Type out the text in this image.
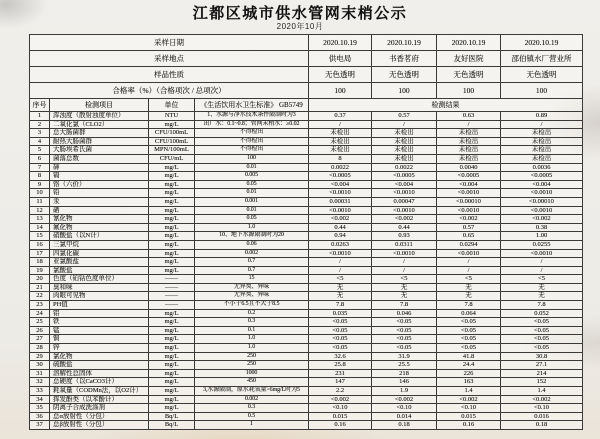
江都区城市供水管网末梢公示
2020年10月
采样日期				2020.10.19	2020.10.19	2020.10.19	2020.10.19
采样地点				供电局	书香茗府	友好医院	邵伯镇水厂营业所
样品性质				无色透明	无色透明	无色透明	无色透明
合格率（%）（合格项次 / 总项次）				100	100	100	100
序号	检测项目	单位	《生活饮用水卫生标准》 GB5749	检测结果			
1	浑浊度（散射浊度单位）	NTU	1、水源与净水技术条件限制时为3	0.37	0.57	0.63	0.89
2	二氧化氯（CLO2）	mg/L	出厂水：0.1~0.8；管网末梢水：≥0.02	/	/	/	/
3	总大肠菌群	CFU/100mL	不得检出	未检出	未检出	未检出	未检出
4	耐热大肠菌群	CFU/100mL	不得检出	未检出	未检出	未检出	未检出
5	大肠埃希氏菌	MPN/100mL	不得检出	未检出	未检出	未检出	未检出
6	菌落总数	CFU/mL	100	8	未检出	未检出	未检出
7	砷	mg/L	0.01	0.0022	0.0022	0.0040	0.0036
8	镉	mg/L	0.005	<0.0005	<0.0005	<0.0005	<0.0005
9	铬（六价）	mg/L	0.05	<0.004	<0.004	<0.004	<0.004
10	铅	mg/L	0.01	<0.0010	<0.0010	<0.0010	<0.0010
11	汞	mg/L	0.001	0.00031	0.00047	<0.00010	<0.00010
12	硒	mg/L	0.01	<0.0010	<0.0010	<0.0010	<0.0010
13	氰化物	mg/L	0.05	<0.002	<0.002	<0.002	<0.002
14	氟化物	mg/L	1.0	0.44	0.44	0.57	0.38
15	硝酸盐（以N计）	mg/L	10、地下水源限制时为20	0.94	0.93	0.65	1.00
16	三氯甲烷	mg/L	0.06	0.0263	0.0311	0.0294	0.0255
17	四氯化碳	mg/L	0.002	<0.0010	<0.0010	<0.0010	<0.0010
18	亚氯酸盐	mg/L	0.7	/	/	/	/
19	氯酸盐	mg/L	0.7	/	/	/	/
20	色度（铂钴色度单位）	——	15	<5	<5	<5	<5
21	臭和味	——	无异臭、异味	无	无	无	无
22	肉眼可见物	——	无异臭、异味	无	无	无	无
23	PH值	——	不小于6.5且不大于8.5	7.8	7.8	7.8	7.8
24	铝	mg/L	0.2	0.035	0.046	0.064	0.052
25	铁	mg/L	0.3	<0.05	<0.05	<0.05	<0.05
26	锰	mg/L	0.1	<0.05	<0.05	<0.05	<0.05
27	铜	mg/L	1.0	<0.05	<0.05	<0.05	<0.05
28	锌	mg/L	1.0	<0.05	<0.05	<0.05	<0.05
29	氯化物	mg/L	250	32.6	31.9	41.8	30.8
30	硫酸盐	mg/L	250	25.8	25.5	24.4	27.1
31	溶解性总固体	mg/L	1000	231	218	226	214
32	总硬度（以CaCO3计）	mg/L	450	147	146	163	152
33	耗氧量（CODMn法，以O2计）	mg/L	3,水源限制，原水耗氧量>6mg/L时为5	2.2	1.9	1.4	1.4
34	挥发酚类（以苯酚计）	mg/L	0.002	<0.002	<0.002	<0.002	<0.002
35	阴离子合成洗涤剂	mg/L	0.3	<0.10	<0.10	<0.10	<0.10
36	总α放射性（分包）	Bq/L	0.5	0.015	0.014	0.015	0.016
37	总β放射性（分包）	Bq/L	1	0.16	0.18	0.16	0.18
